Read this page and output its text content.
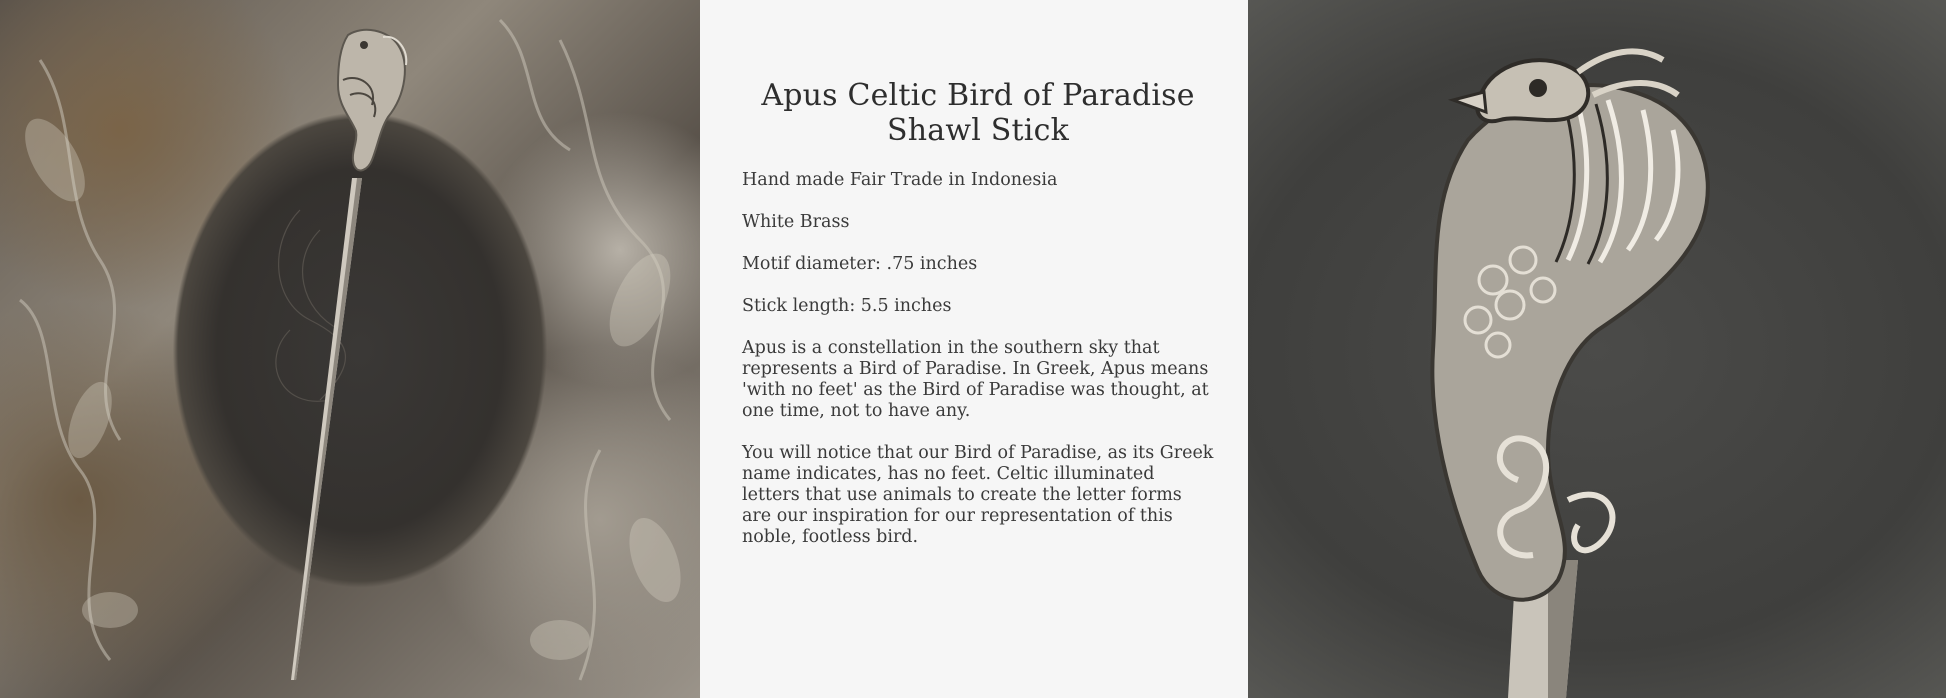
Apus Celtic Bird of Paradise Shawl Stick

Hand made Fair Trade in Indonesia

White Brass

Motif diameter: .75 inches

Stick length: 5.5 inches

Apus is a constellation in the southern sky that represents a Bird of Paradise. In Greek, Apus means 'with no feet' as the Bird of Paradise was thought, at one time, not to have any.

You will notice that our Bird of Paradise, as its Greek name indicates, has no feet. Celtic illuminated letters that use animals to create the letter forms are our inspiration for our representation of this noble, footless bird.
